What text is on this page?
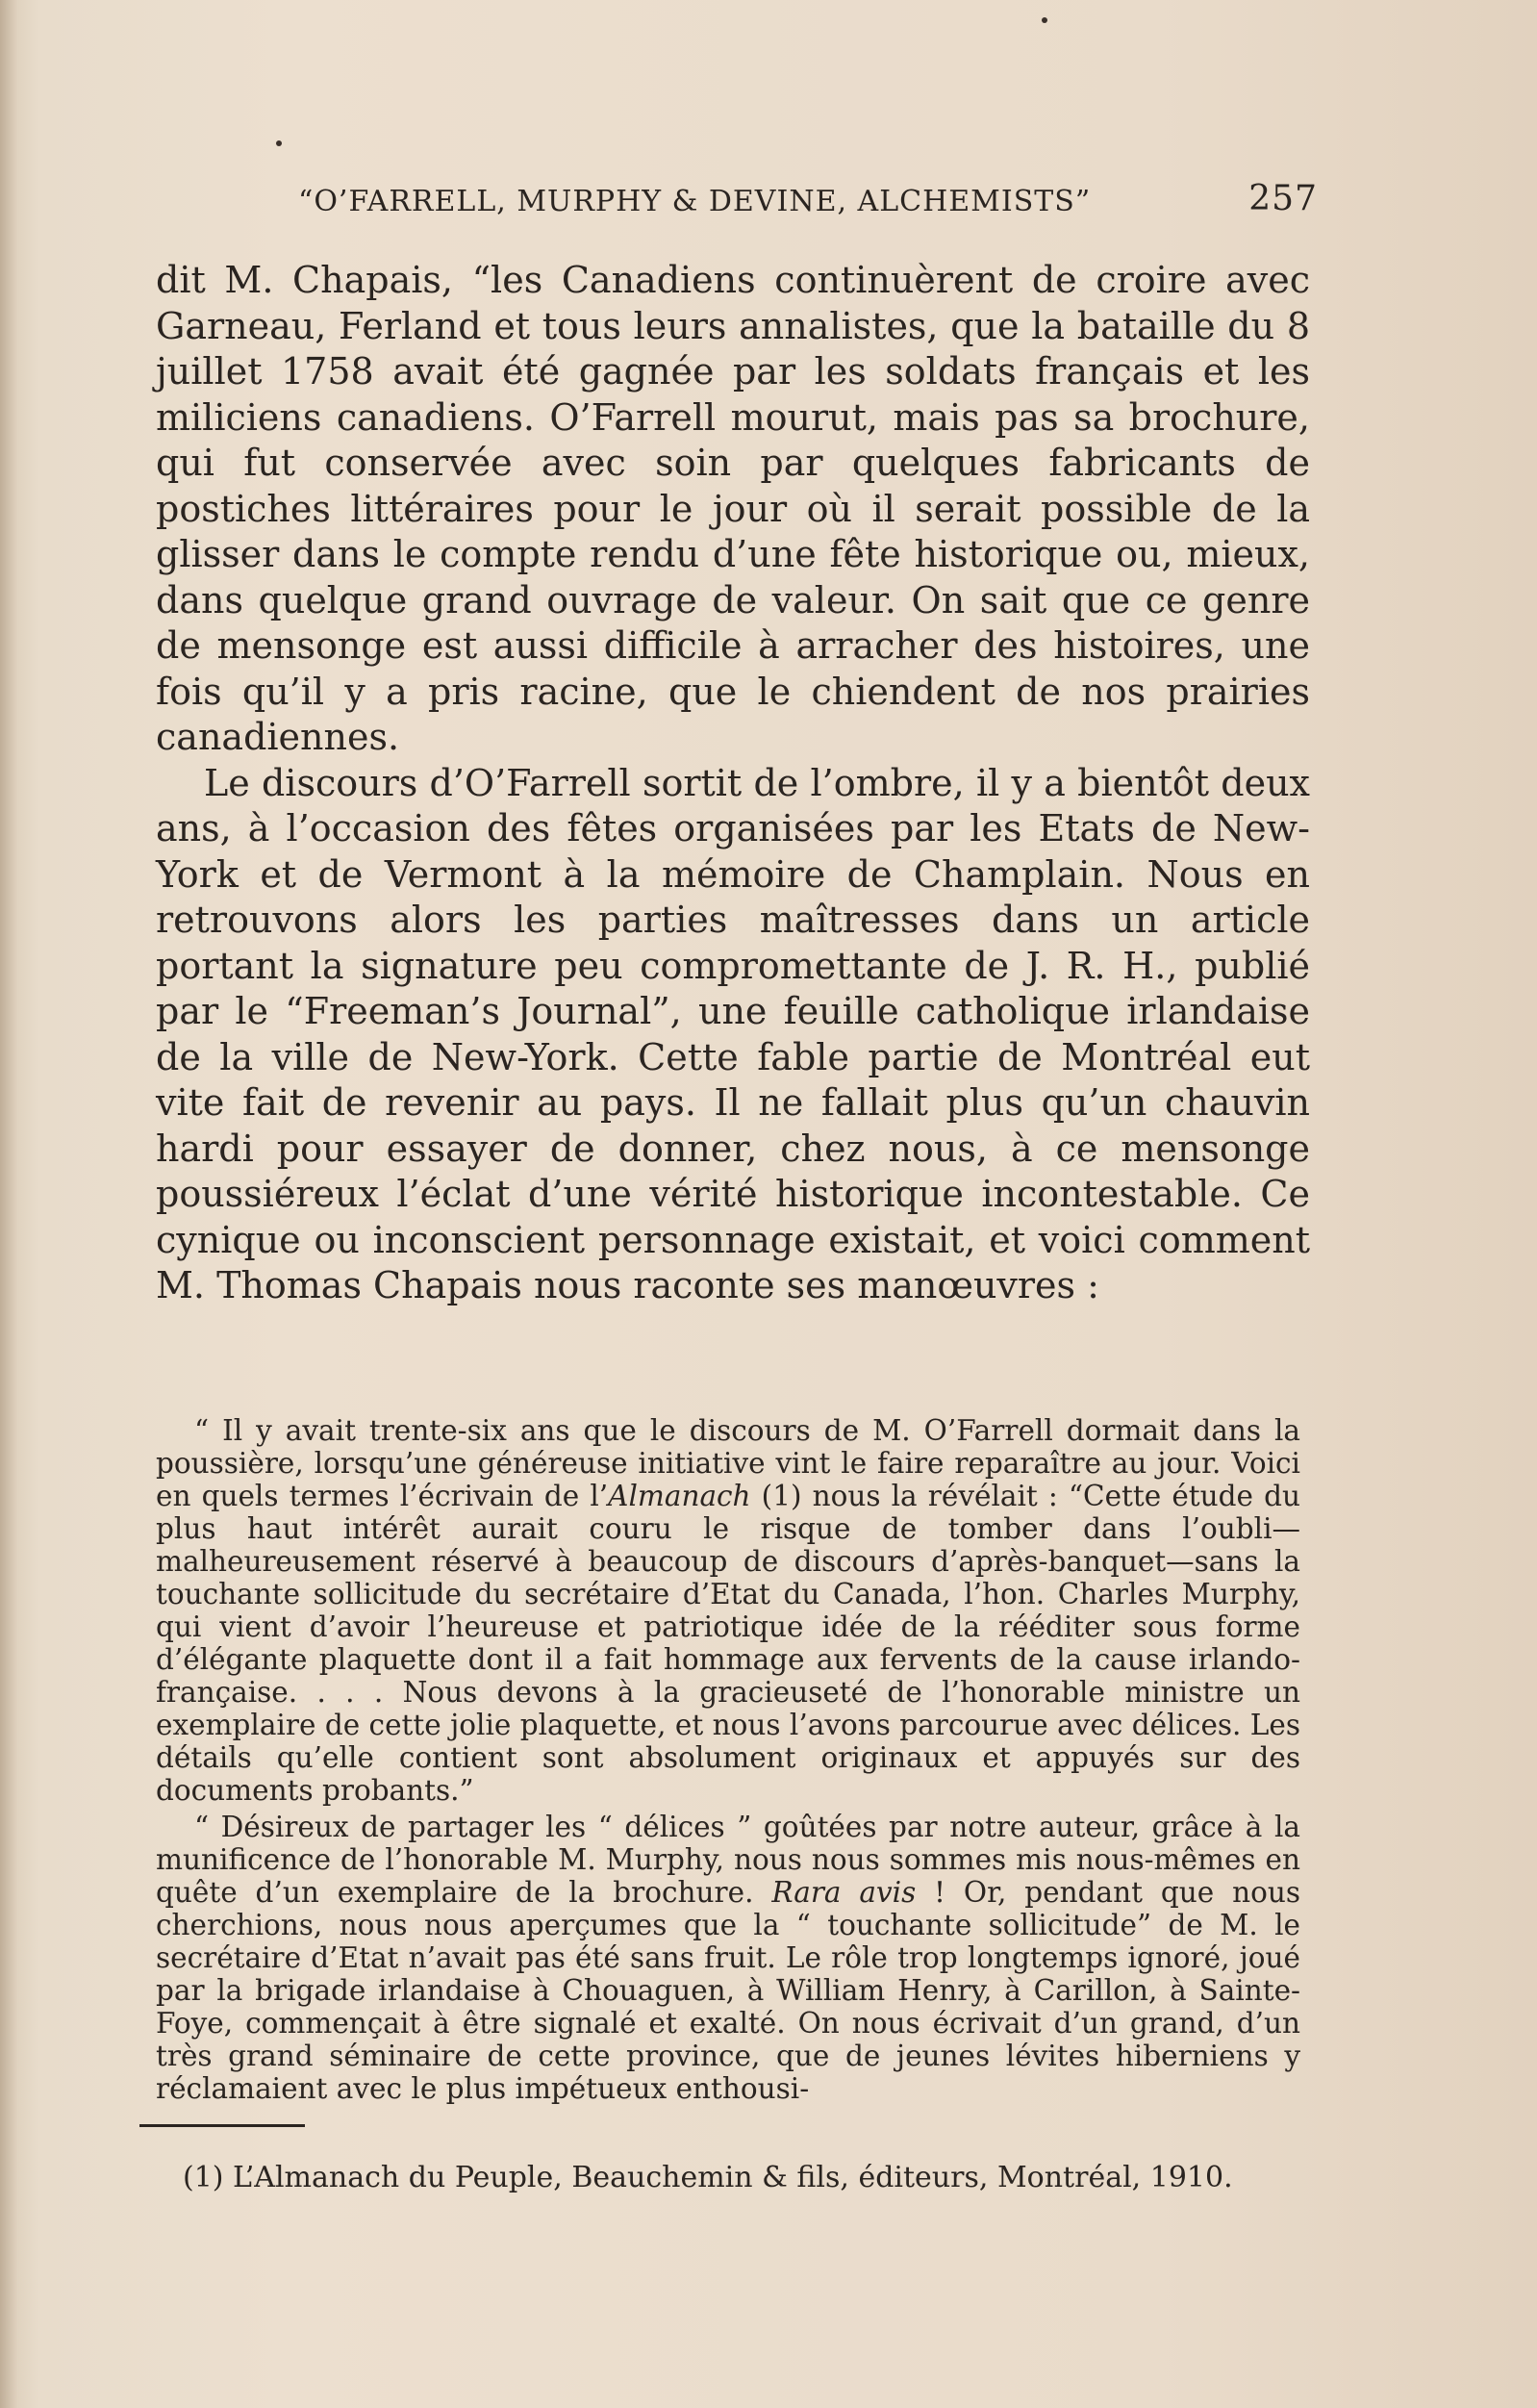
“O’FARRELL, MURPHY & DEVINE, ALCHEMISTS”	257

dit M. Chapais, “les Canadiens continuèrent de croire avec Garneau, Ferland et tous leurs annalistes, que la bataille du 8 juillet 1758 avait été gagnée par les soldats français et les miliciens canadiens. O’Farrell mourut, mais pas sa brochure, qui fut conservée avec soin par quelques fabricants de postiches littéraires pour le jour où il serait possible de la glisser dans le compte rendu d’une fête historique ou, mieux, dans quelque grand ouvrage de valeur. On sait que ce genre de mensonge est aussi difficile à arracher des histoires, une fois qu’il y a pris racine, que le chiendent de nos prairies canadiennes.

Le discours d’O’Farrell sortit de l’ombre, il y a bientôt deux ans, à l’occasion des fêtes organisées par les Etats de New-York et de Vermont à la mémoire de Champlain. Nous en retrouvons alors les parties maîtresses dans un article portant la signature peu compromettante de J. R. H., publié par le “Freeman’s Journal”, une feuille catholique irlandaise de la ville de New-York. Cette fable partie de Montréal eut vite fait de revenir au pays. Il ne fallait plus qu’un chauvin hardi pour essayer de donner, chez nous, à ce mensonge poussiéreux l’éclat d’une vérité historique incontestable. Ce cynique ou inconscient personnage existait, et voici comment M. Thomas Chapais nous raconte ses manœuvres :

“ Il y avait trente-six ans que le discours de M. O’Farrell dormait dans la poussière, lorsqu’une généreuse initiative vint le faire reparaître au jour. Voici en quels termes l’écrivain de l’Almanach (1) nous la révélait : “Cette étude du plus haut intérêt aurait couru le risque de tomber dans l’oubli—malheureusement réservé à beaucoup de discours d’après-banquet—sans la touchante sollicitude du secrétaire d’Etat du Canada, l’hon. Charles Murphy, qui vient d’avoir l’heureuse et patriotique idée de la rééditer sous forme d’élégante plaquette dont il a fait hommage aux fervents de la cause irlando-française. . . . Nous devons à la gracieuseté de l’honorable ministre un exemplaire de cette jolie plaquette, et nous l’avons parcourue avec délices. Les détails qu’elle contient sont absolument originaux et appuyés sur des documents probants.”

“ Désireux de partager les “ délices ” goûtées par notre auteur, grâce à la munificence de l’honorable M. Murphy, nous nous sommes mis nous-mêmes en quête d’un exemplaire de la brochure. Rara avis ! Or, pendant que nous cherchions, nous nous aperçumes que la “ touchante sollicitude” de M. le secrétaire d’Etat n’avait pas été sans fruit. Le rôle trop longtemps ignoré, joué par la brigade irlandaise à Chouaguen, à William Henry, à Carillon, à Sainte-Foye, commençait à être signalé et exalté. On nous écrivait d’un grand, d’un très grand séminaire de cette province, que de jeunes lévites hiberniens y réclamaient avec le plus impétueux enthousi-

(1) L’Almanach du Peuple, Beauchemin & fils, éditeurs, Montréal, 1910.
